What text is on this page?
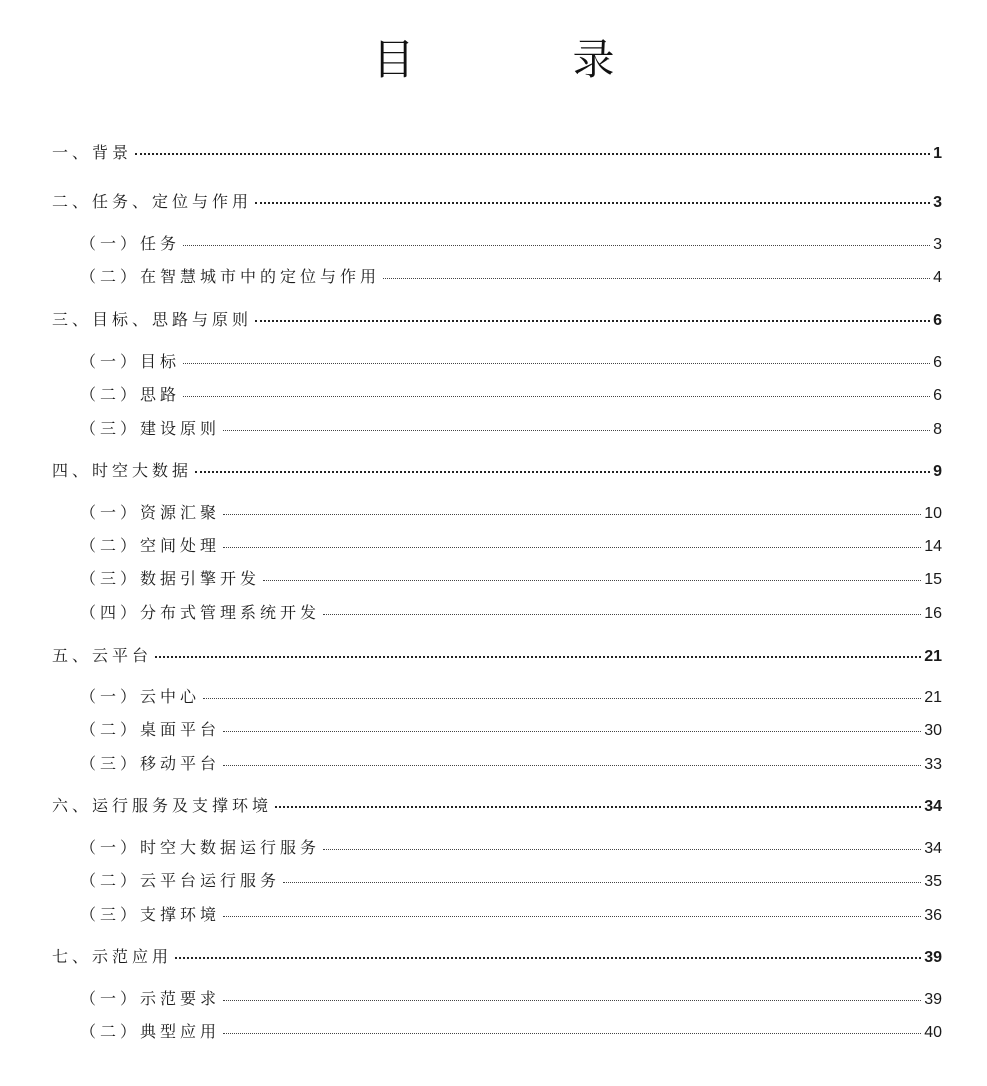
目　录
一、背景	1
二、任务、定位与作用	3
（一）任务	3
（二）在智慧城市中的定位与作用	4
三、目标、思路与原则	6
（一）目标	6
（二）思路	6
（三）建设原则	8
四、时空大数据	9
（一）资源汇聚	10
（二）空间处理	14
（三）数据引擎开发	15
（四）分布式管理系统开发	16
五、云平台	21
（一）云中心	21
（二）桌面平台	30
（三）移动平台	33
六、运行服务及支撑环境	34
（一）时空大数据运行服务	34
（二）云平台运行服务	35
（三）支撑环境	36
七、示范应用	39
（一）示范要求	39
（二）典型应用	40
